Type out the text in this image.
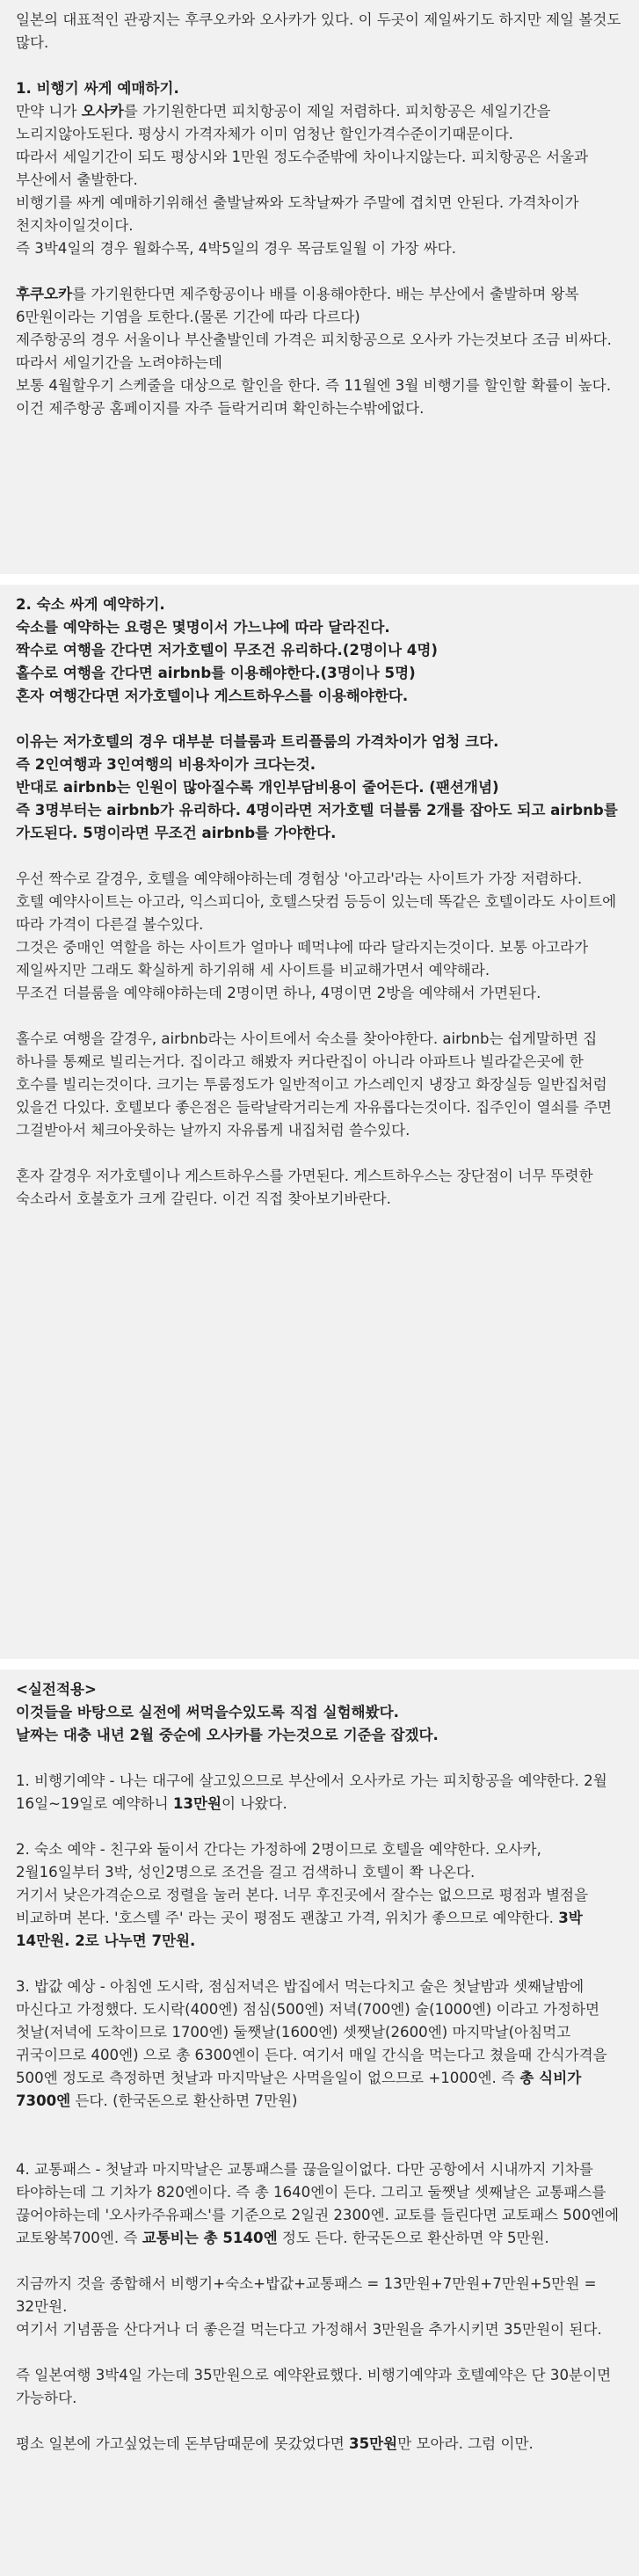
일본의 대표적인 관광지는 후쿠오카와 오사카가 있다. 이 두곳이 제일싸기도 하지만 제일 볼것도 많다.

1. 비행기 싸게 예매하기.

만약 니가 오사카를 가기원한다면 피치항공이 제일 저렴하다. 피치항공은 세일기간을 노리지않아도된다. 평상시 가격자체가 이미 엄청난 할인가격수준이기때문이다.

따라서 세일기간이 되도 평상시와 1만원 정도수준밖에 차이나지않는다. 피치항공은 서울과 부산에서 출발한다.

비행기를 싸게 예매하기위해선 출발날짜와 도착날짜가 주말에 겹치면 안된다. 가격차이가 천지차이일것이다.

즉 3박4일의 경우 월화수목, 4박5일의 경우 목금토일월 이 가장 싸다.

후쿠오카를 가기원한다면 제주항공이나 배를 이용해야한다. 배는 부산에서 출발하며 왕복 6만원이라는 기염을 토한다.(물론 기간에 따라 다르다)

제주항공의 경우 서울이나 부산출발인데 가격은 피치항공으로 오사카 가는것보다 조금 비싸다. 따라서 세일기간을 노려야하는데

보통 4월할우기 스케줄을 대상으로 할인을 한다. 즉 11월엔 3월 비행기를 할인할 확률이 높다. 이건 제주항공 홈페이지를 자주 들락거리며 확인하는수밖에없다.

2. 숙소 싸게 예약하기.

숙소를 예약하는 요령은 몇명이서 가느냐에 따라 달라진다.

짝수로 여행을 간다면 저가호텔이 무조건 유리하다.(2명이나 4명)

홀수로 여행을 간다면 airbnb를 이용해야한다.(3명이나 5명)

혼자 여행간다면 저가호텔이나 게스트하우스를 이용해야한다.

이유는 저가호텔의 경우 대부분 더블룸과 트리플룸의 가격차이가 엄청 크다.

즉 2인여행과 3인여행의 비용차이가 크다는것.

반대로 airbnb는 인원이 많아질수록 개인부담비용이 줄어든다. (팬션개념)

즉 3명부터는 airbnb가 유리하다. 4명이라면 저가호텔 더블룸 2개를 잡아도 되고 airbnb를 가도된다. 5명이라면 무조건 airbnb를 가야한다.

우선 짝수로 갈경우, 호텔을 예약해야하는데 경험상 '아고라'라는 사이트가 가장 저렴하다.

호텔 예약사이트는 아고라, 익스피디아, 호텔스닷컴 등등이 있는데 똑같은 호텔이라도 사이트에 따라 가격이 다른걸 볼수있다.

그것은 중매인 역할을 하는 사이트가 얼마나 떼먹냐에 따라 달라지는것이다. 보통 아고라가 제일싸지만 그래도 확실하게 하기위해 세 사이트를 비교해가면서 예약해라.

무조건 더블룸을 예약해야하는데 2명이면 하나, 4명이면 2방을 예약해서 가면된다.

홀수로 여행을 갈경우, airbnb라는 사이트에서 숙소를 찾아야한다. airbnb는 쉽게말하면 집 하나를 통째로 빌리는거다. 집이라고 해봤자 커다란집이 아니라 아파트나 빌라같은곳에 한 호수를 빌리는것이다. 크기는 투룸정도가 일반적이고 가스레인지 냉장고 화장실등 일반집처럼 있을건 다있다. 호텔보다 좋은점은 들락날락거리는게 자유롭다는것이다. 집주인이 열쇠를 주면 그걸받아서 체크아웃하는 날까지 자유롭게 내집처럼 쓸수있다.

혼자 갈경우 저가호텔이나 게스트하우스를 가면된다. 게스트하우스는 장단점이 너무 뚜렷한 숙소라서 호불호가 크게 갈린다. 이건 직접 찾아보기바란다.

<실전적용>

이것들을 바탕으로 실전에 써먹을수있도록 직접 실험해봤다.

날짜는 대충 내년 2월 중순에 오사카를 가는것으로 기준을 잡겠다.

1. 비행기예약 - 나는 대구에 살고있으므로 부산에서 오사카로 가는 피치항공을 예약한다. 2월 16일~19일로 예약하니 13만원이 나왔다.

2. 숙소 예약 - 친구와 둘이서 간다는 가정하에 2명이므로 호텔을 예약한다. 오사카, 2월16일부터 3박, 성인2명으로 조건을 걸고 검색하니 호텔이 쫙 나온다.

거기서 낮은가격순으로 정렬을 눌러 본다. 너무 후진곳에서 잘수는 없으므로 평점과 별점을 비교하며 본다. '호스텔 주' 라는 곳이 평점도 괜찮고 가격, 위치가 좋으므로 예약한다. 3박 14만원. 2로 나누면 7만원.

3. 밥값 예상 - 아침엔 도시락, 점심저녁은 밥집에서 먹는다치고 술은 첫날밤과 셋째날밤에 마신다고 가정했다. 도시락(400엔) 점심(500엔) 저녁(700엔) 술(1000엔) 이라고 가정하면 첫날(저녁에 도착이므로 1700엔) 둘쨋날(1600엔) 셋쨋날(2600엔) 마지막날(아침먹고 귀국이므로 400엔) 으로 총 6300엔이 든다. 여기서 매일 간식을 먹는다고 쳤을때 간식가격을 500엔 정도로 측정하면 첫날과 마지막날은 사먹을일이 없으므로 +1000엔. 즉 총 식비가 7300엔 든다. (한국돈으로 환산하면 7만원)

4. 교통패스 - 첫날과 마지막날은 교통패스를 끊을일이없다. 다만 공항에서 시내까지 기차를 타야하는데 그 기차가 820엔이다. 즉 총 1640엔이 든다. 그리고 둘쨋날 셋째날은 교통패스를 끊어야하는데 '오사카주유패스'를 기준으로 2일권 2300엔. 교토를 들린다면 교토패스 500엔에 교토왕복700엔. 즉 교통비는 총 5140엔 정도 든다. 한국돈으로 환산하면 약 5만원.

지금까지 것을 종합해서 비행기+숙소+밥값+교통패스 = 13만원+7만원+7만원+5만원 = 32만원.

여기서 기념품을 산다거나 더 좋은걸 먹는다고 가정해서 3만원을 추가시키면 35만원이 된다.

즉 일본여행 3박4일 가는데 35만원으로 예약완료했다. 비행기예약과 호텔예약은 단 30분이면 가능하다.

평소 일본에 가고싶었는데 돈부담때문에 못갔었다면 35만원만 모아라. 그럼 이만.
